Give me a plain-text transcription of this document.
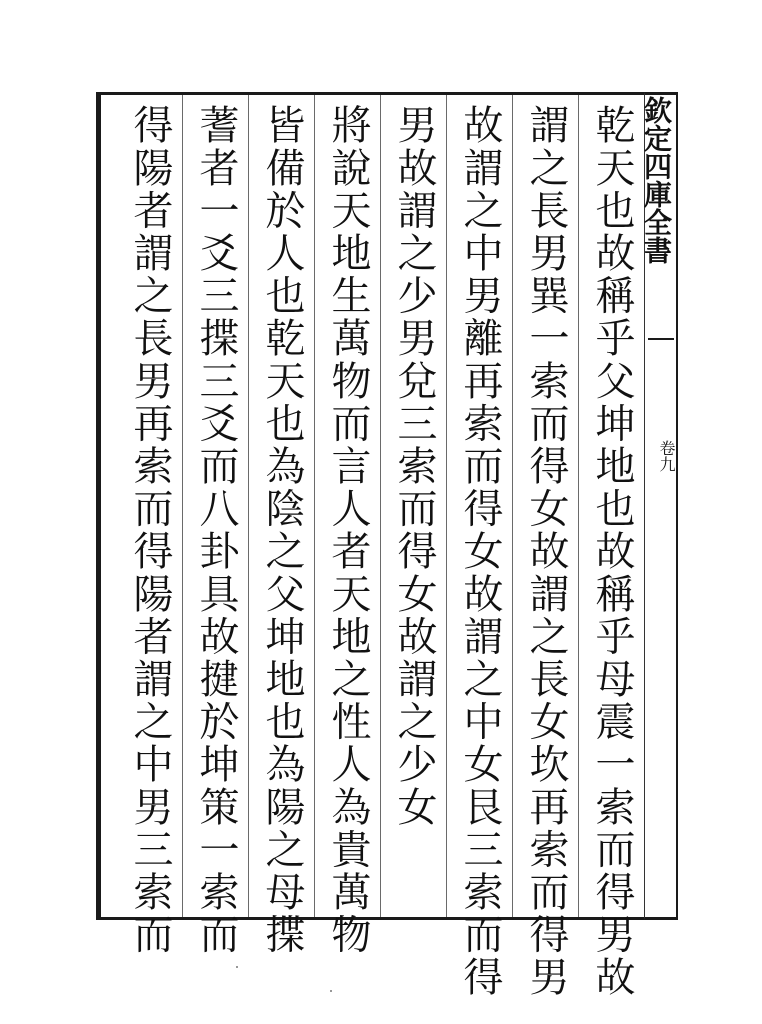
欽定四庫全書
卷九
乾天也故稱乎父坤地也故稱乎母震一索而得男故
謂之長男巽一索而得女故謂之長女坎再索而得男
故謂之中男離再索而得女故謂之中女艮三索而得
男故謂之少男兌三索而得女故謂之少女
將說天地生萬物而言人者天地之性人為貴萬物
皆備於人也乾天也為陰之父坤地也為陽之母揲
蓍者一爻三揲三爻而八卦具故揵於坤策一索而
得陽者謂之長男再索而得陽者謂之中男三索而
